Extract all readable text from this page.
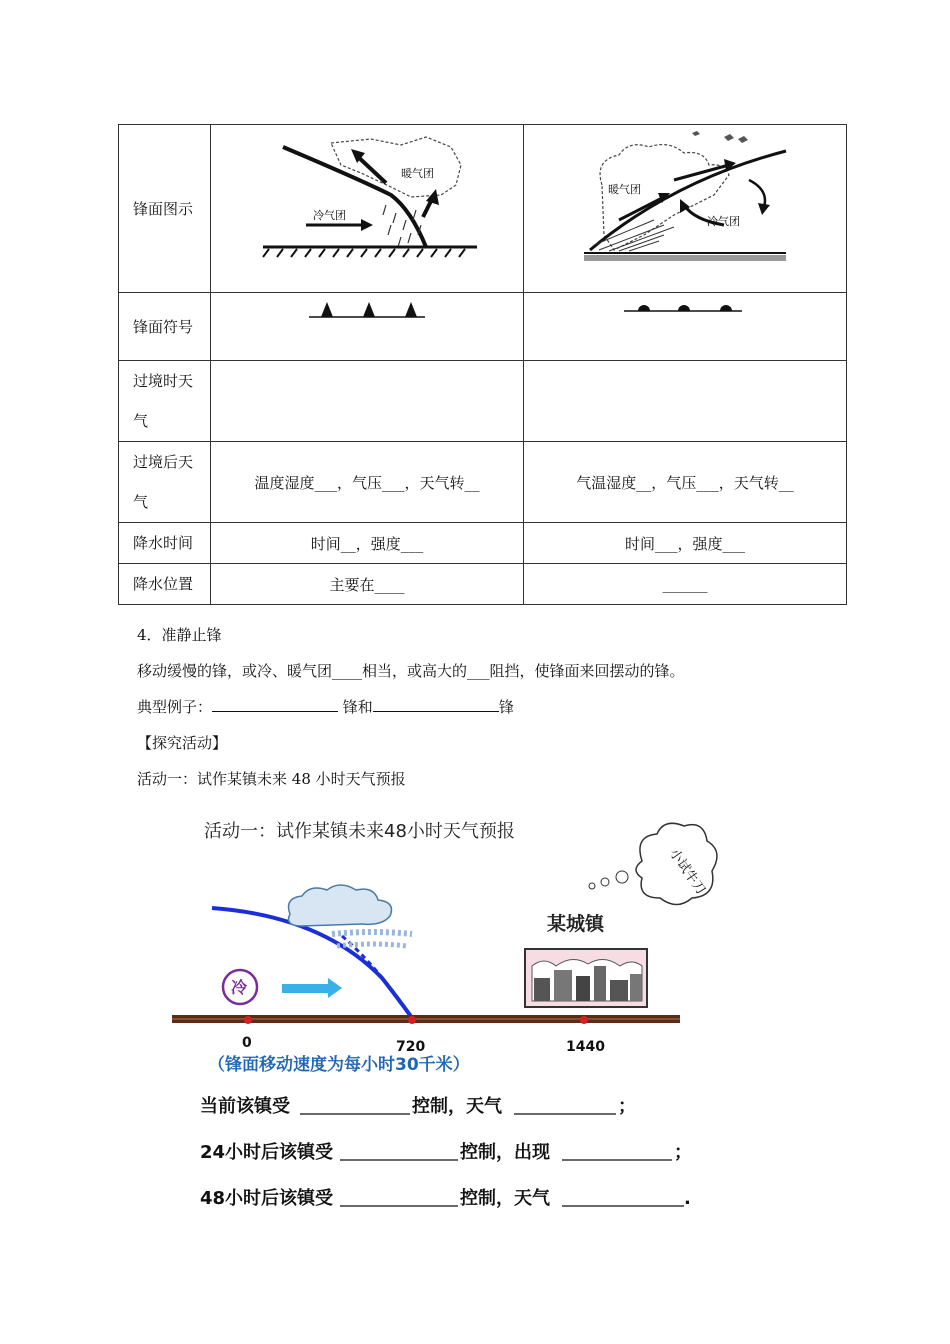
锋面图示	暖气团
冷气团	暖气团
冷气团

锋面符号		

过境时天
气		

过境后天
气	温度湿度___，气压___，天气转__	气温湿度__，气压___，天气转__
降水时间	时间__，强度___	时间___，强度___
降水位置	主要在____	______
4．准静止锋
移动缓慢的锋，或冷、暖气团____相当，或高大的___阻挡，使锋面来回摆动的锋。
典型例子：	锋和	锋
【探究活动】
活动一：试作某镇未来 48 小时天气预报
活动一：试作某镇未来48小时天气预报
小试牛刀
某城镇
冷
0	720	1440
（锋面移动速度为每小时30千米）
当前该镇受	控制，天气	；
24小时后该镇受	控制，出现	；
48小时后该镇受	控制，天气	.
